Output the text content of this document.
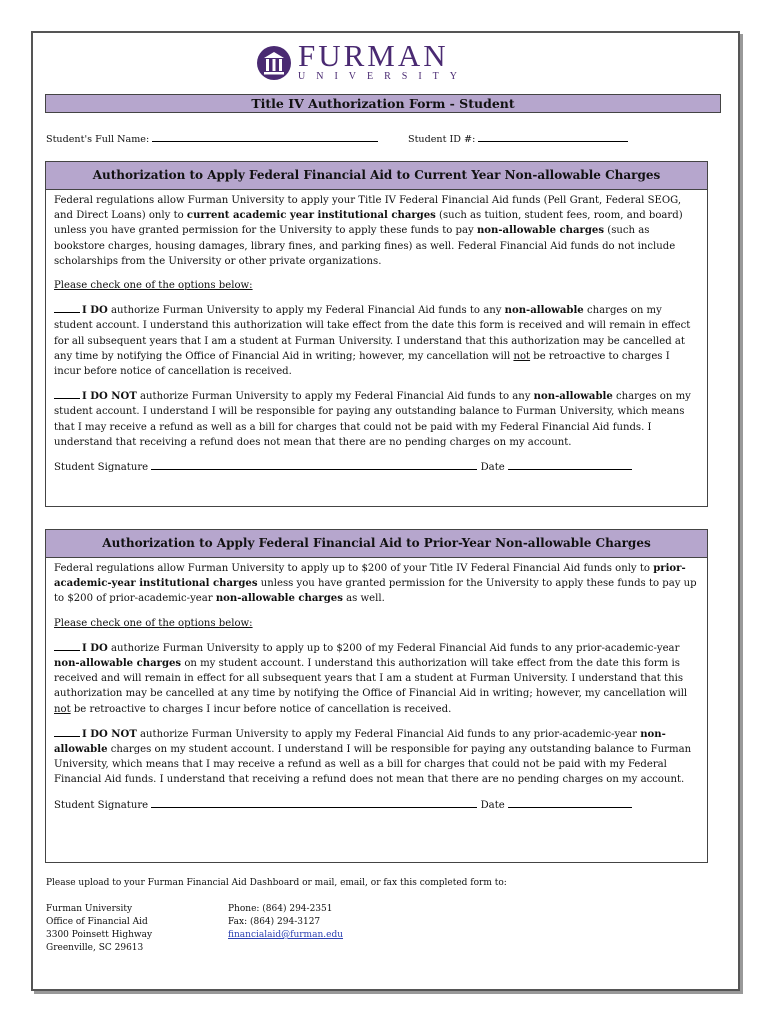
FURMAN
UNIVERSITY
Title IV Authorization Form - Student
Student's Full Name:	Student ID #:
Authorization to Apply Federal Financial Aid to Current Year Non-allowable Charges

Federal regulations allow Furman University to apply your Title IV Federal Financial Aid funds (Pell Grant, Federal SEOG, and Direct Loans) only to current academic year institutional charges (such as tuition, student fees, room, and board) unless you have granted permission for the University to apply these funds to pay non-allowable charges (such as bookstore charges, housing damages, library fines, and parking fines) as well. Federal Financial Aid funds do not include scholarships from the University or other private organizations.

Please check one of the options below:

I DO authorize Furman University to apply my Federal Financial Aid funds to any non-allowable charges on my student account. I understand this authorization will take effect from the date this form is received and will remain in effect for all subsequent years that I am a student at Furman University. I understand that this authorization may be cancelled at any time by notifying the Office of Financial Aid in writing; however, my cancellation will not be retroactive to charges I incur before notice of cancellation is received.

I DO NOT authorize Furman University to apply my Federal Financial Aid funds to any non-allowable charges on my student account. I understand I will be responsible for paying any outstanding balance to Furman University, which means that I may receive a refund as well as a bill for charges that could not be paid with my Federal Financial Aid funds. I understand that receiving a refund does not mean that there are no pending charges on my account.

Student Signature	Date

Authorization to Apply Federal Financial Aid to Prior-Year Non-allowable Charges

Federal regulations allow Furman University to apply up to $200 of your Title IV Federal Financial Aid funds only to prior-academic-year institutional charges unless you have granted permission for the University to apply these funds to pay up to $200 of prior-academic-year non-allowable charges as well.

Please check one of the options below:

I DO authorize Furman University to apply up to $200 of my Federal Financial Aid funds to any prior-academic-year non-allowable charges on my student account. I understand this authorization will take effect from the date this form is received and will remain in effect for all subsequent years that I am a student at Furman University. I understand that this authorization may be cancelled at any time by notifying the Office of Financial Aid in writing; however, my cancellation will not be retroactive to charges I incur before notice of cancellation is received.

I DO NOT authorize Furman University to apply my Federal Financial Aid funds to any prior-academic-year non-allowable charges on my student account. I understand I will be responsible for paying any outstanding balance to Furman University, which means that I may receive a refund as well as a bill for charges that could not be paid with my Federal Financial Aid funds. I understand that receiving a refund does not mean that there are no pending charges on my account.

Student Signature	Date

Please upload to your Furman Financial Aid Dashboard or mail, email, or fax this completed form to:
Furman University
Office of Financial Aid
3300 Poinsett Highway
Greenville, SC 29613
Phone: (864) 294-2351
Fax: (864) 294-3127
financialaid@furman.edu
